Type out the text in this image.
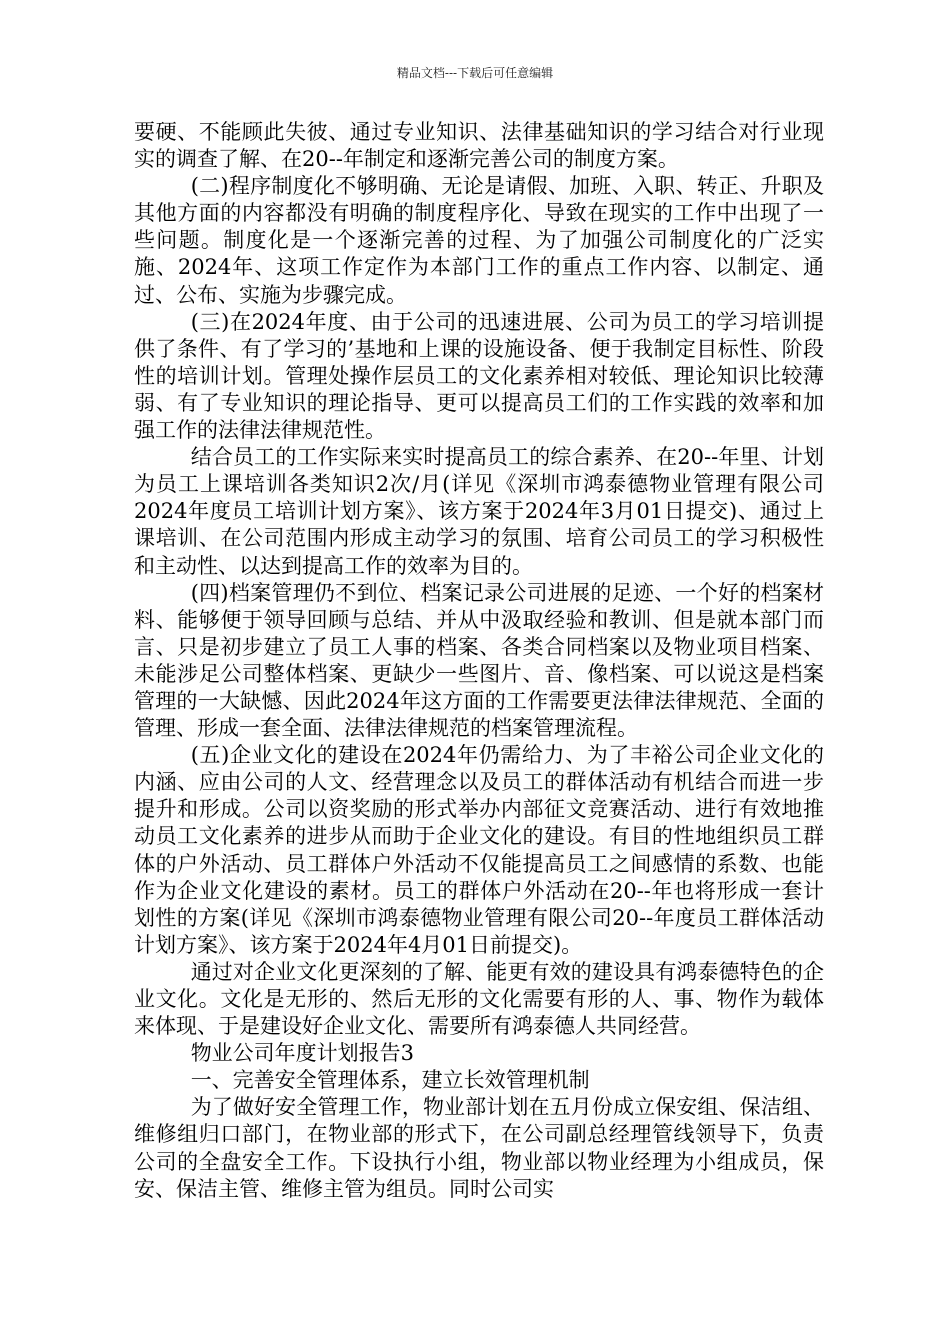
精品文档---下载后可任意编辑

要硬、不能顾此失彼、通过专业知识、法律基础知识的学习结合对行业现实的调查了解、在20--年制定和逐渐完善公司的制度方案。

(二)程序制度化不够明确、无论是请假、加班、入职、转正、升职及其他方面的内容都没有明确的制度程序化、导致在现实的工作中出现了一些问题。制度化是一个逐渐完善的过程、为了加强公司制度化的广泛实施、2024年、这项工作定作为本部门工作的重点工作内容、以制定、通过、公布、实施为步骤完成。

(三)在2024年度、由于公司的迅速进展、公司为员工的学习培训提供了条件、有了学习的’基地和上课的设施设备、便于我制定目标性、阶段性的培训计划。管理处操作层员工的文化素养相对较低、理论知识比较薄弱、有了专业知识的理论指导、更可以提高员工们的工作实践的效率和加强工作的法律法律规范性。

结合员工的工作实际来实时提高员工的综合素养、在20--年里、计划为员工上课培训各类知识2次/月(详见《深圳市鸿泰德物业管理有限公司2024年度员工培训计划方案》、该方案于2024年3月01日提交)、通过上课培训、在公司范围内形成主动学习的氛围、培育公司员工的学习积极性和主动性、以达到提高工作的效率为目的。

(四)档案管理仍不到位、档案记录公司进展的足迹、一个好的档案材料、能够便于领导回顾与总结、并从中汲取经验和教训、但是就本部门而言、只是初步建立了员工人事的档案、各类合同档案以及物业项目档案、未能涉足公司整体档案、更缺少一些图片、音、像档案、可以说这是档案管理的一大缺憾、因此2024年这方面的工作需要更法律法律规范、全面的管理、形成一套全面、法律法律规范的档案管理流程。

(五)企业文化的建设在2024年仍需给力、为了丰裕公司企业文化的内涵、应由公司的人文、经营理念以及员工的群体活动有机结合而进一步提升和形成。公司以资奖励的形式举办内部征文竞赛活动、进行有效地推动员工文化素养的进步从而助于企业文化的建设。有目的性地组织员工群体的户外活动、员工群体户外活动不仅能提高员工之间感情的系数、也能作为企业文化建设的素材。员工的群体户外活动在20--年也将形成一套计划性的方案(详见《深圳市鸿泰德物业管理有限公司20--年度员工群体活动计划方案》、该方案于2024年4月01日前提交)。

通过对企业文化更深刻的了解、能更有效的建设具有鸿泰德特色的企业文化。文化是无形的、然后无形的文化需要有形的人、事、物作为载体来体现、于是建设好企业文化、需要所有鸿泰德人共同经营。

物业公司年度计划报告3

一、完善安全管理体系，建立长效管理机制

为了做好安全管理工作，物业部计划在五月份成立保安组、保洁组、维修组归口部门，在物业部的形式下，在公司副总经理管线领导下，负责公司的全盘安全工作。下设执行小组，物业部以物业经理为小组成员，保安、保洁主管、维修主管为组员。同时公司实
